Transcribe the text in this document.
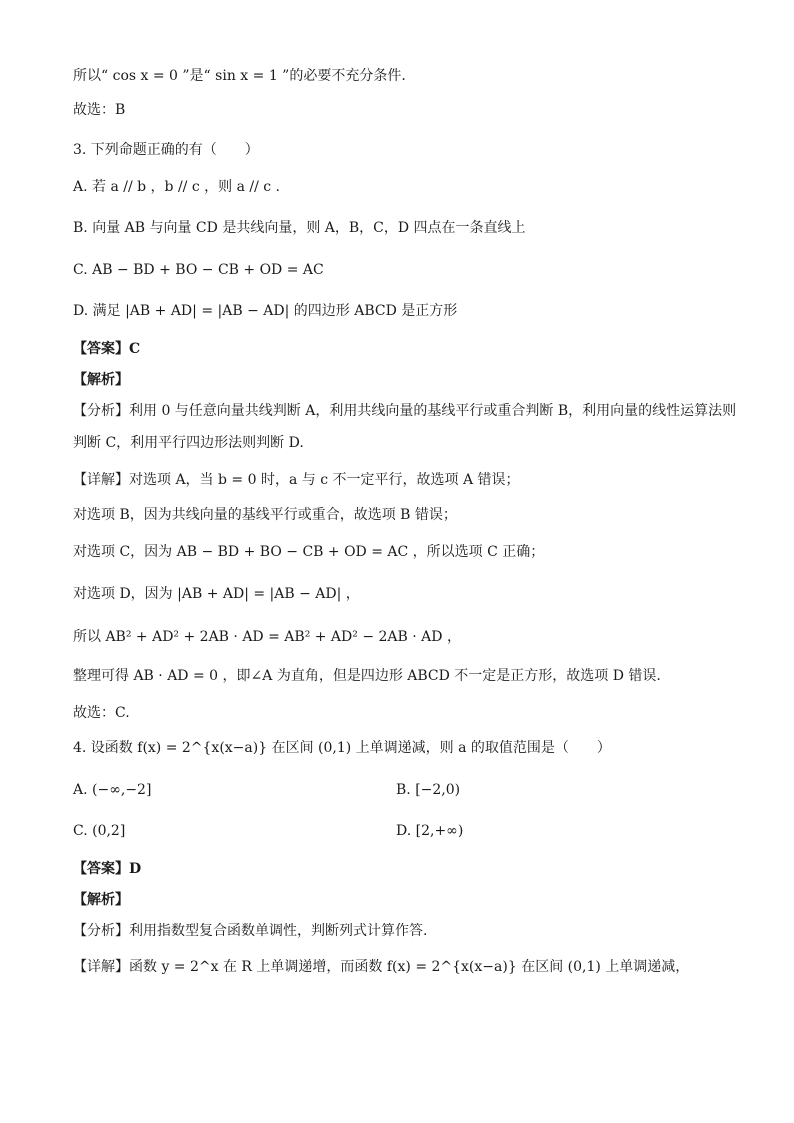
所以“ cos x = 0 ”是“ sin x = 1 ”的必要不充分条件.
故选：B
3. 下列命题正确的有（　　）
A. 若 a // b ，b // c ，则 a // c .
B. 向量 AB 与向量 CD 是共线向量，则 A，B，C，D 四点在一条直线上
C. AB − BD + BO − CB + OD = AC
D. 满足 |AB + AD| = |AB − AD| 的四边形 ABCD 是正方形
【答案】C
【解析】
【分析】利用 0 与任意向量共线判断 A，利用共线向量的基线平行或重合判断 B，利用向量的线性运算法则
判断 C，利用平行四边形法则判断 D.
【详解】对选项 A，当 b = 0 时，a 与 c 不一定平行，故选项 A 错误；
对选项 B，因为共线向量的基线平行或重合，故选项 B 错误；
对选项 C，因为 AB − BD + BO − CB + OD = AC ，所以选项 C 正确；
对选项 D，因为 |AB + AD| = |AB − AD| ，
所以 AB² + AD² + 2AB · AD = AB² + AD² − 2AB · AD ，
整理可得 AB · AD = 0 ，即∠A 为直角，但是四边形 ABCD 不一定是正方形，故选项 D 错误.
故选：C.
4. 设函数 f(x) = 2^{x(x−a)} 在区间 (0,1) 上单调递减，则 a 的取值范围是（　　）
A. (−∞,−2]	B. [−2,0)
C. (0,2]	D. [2,+∞)
【答案】D
【解析】
【分析】利用指数型复合函数单调性，判断列式计算作答.
【详解】函数 y = 2^x 在 R 上单调递增，而函数 f(x) = 2^{x(x−a)} 在区间 (0,1) 上单调递减，
